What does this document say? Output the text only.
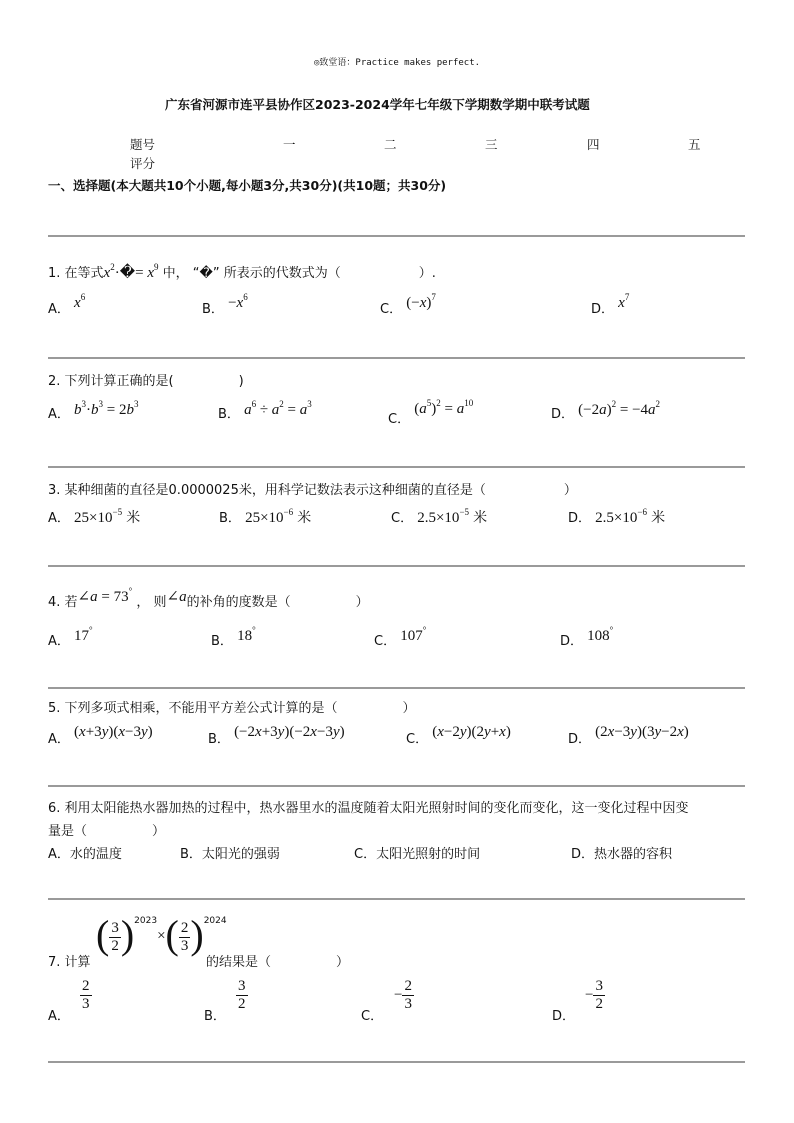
◎致堂语：Practice makes perfect.
广东省河源市连平县协作区2023-2024学年七年级下学期数学期中联考试题
题号	一	二	三	四	五
评分
一、选择题(本大题共10个小题,每小题3分,共30分)(共10题；共30分)
1. 在等式$x^2\cdot�= x^9$ 中， “�” 所表示的代数式为（　　　　　　）.
A． $x^6$
B． $-x^6$
C． $(-x)^7$
D． $x^7$
2. 下列计算正确的是(　　　　　)
A． $b^3\cdot b^3 = 2b^3$
B． $a^6 \div a^2 = a^3$
C． $(a^5)^2 = a^{10}$
D． $(-2a)^2 = -4a^2$
3. 某种细菌的直径是0.0000025米，用科学记数法表示这种细菌的直径是（　　　　　　）
A． $25\times 10^{-5}$ 米	B． $25\times 10^{-6}$ 米	C． $2.5\times 10^{-5}$ 米	D． $2.5\times 10^{-6}$ 米
4. 若∠a = 73° ， 则∠a的补角的度数是（　　　　　）
A． 17°
B． 18°
C． 107°
D． 108°
5. 下列多项式相乘，不能用平方差公式计算的是（　　　　　）
A． (x+3y)(x−3y)	B． (−2x+3y)(−2x−3y)	C． (x−2y)(2y+x)	D． (2x−3y)(3y−2x)
6. 利用太阳能热水器加热的过程中，热水器里水的温度随着太阳光照射时间的变化而变化，这一变化过程中因变
量是（　　　　　）
A．水的温度	B．太阳光的强弱	C．太阳光照射的时间	D．热水器的容积
( $\frac{3}{2} )^{2023}\times( \frac{2}{3} )^{2024}$
7. 计算	的结果是（　　　　　）
A．
$\frac{2}{3}$
B．
$\frac{3}{2}$
C．
− $\frac{2}{3}$
D．
− $\frac{3}{2}$
